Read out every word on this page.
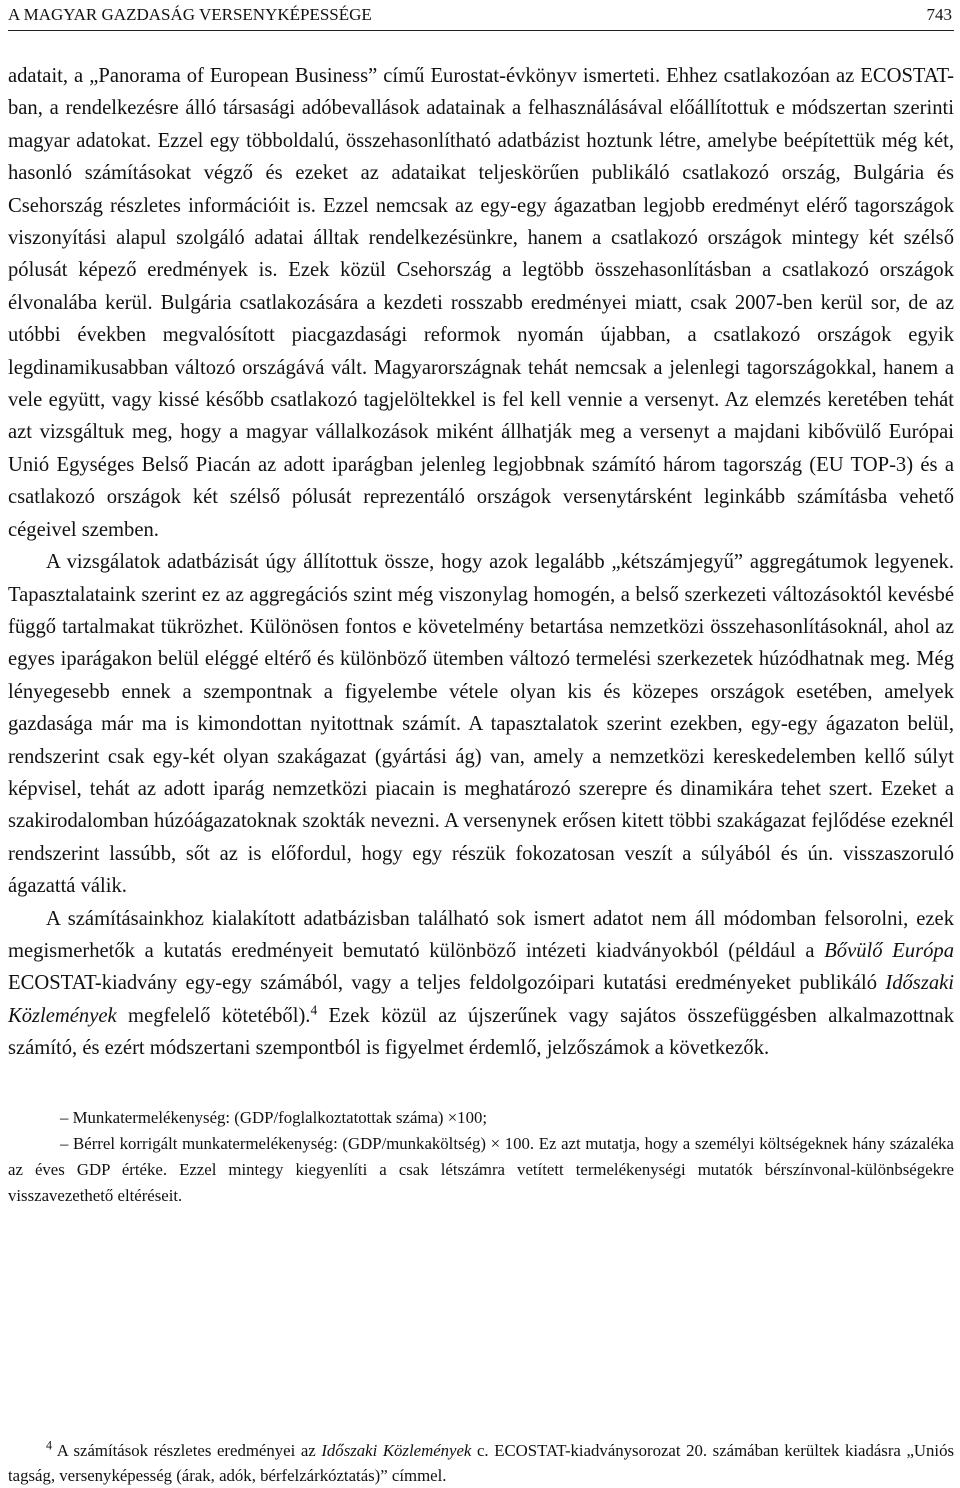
A MAGYAR GAZDASÁG VERSENYKÉPESSÉGE	743

adatait, a „Panorama of European Business” című Eurostat-évkönyv ismerteti. Ehhez csatlakozóan az ECOSTAT-ban, a rendelkezésre álló társasági adóbevallások adatainak a felhasználásával előállítottuk e módszertan szerinti magyar adatokat. Ezzel egy többoldalú, összehasonlítható adatbázist hoztunk létre, amelybe beépítettük még két, hasonló számításokat végző és ezeket az adataikat teljeskörűen publikáló csatlakozó ország, Bulgária és Csehország részletes információit is. Ezzel nemcsak az egy-egy ágazatban legjobb eredményt elérő tagországok viszonyítási alapul szolgáló adatai álltak rendelkezésünkre, hanem a csatlakozó országok mintegy két szélső pólusát képező eredmények is. Ezek közül Csehország a legtöbb összehasonlításban a csatlakozó országok élvonalába kerül. Bulgária csatlakozására a kezdeti rosszabb eredményei miatt, csak 2007-ben kerül sor, de az utóbbi években megvalósított piacgazdasági reformok nyomán újabban, a csatlakozó országok egyik legdinamikusabban változó országává vált. Magyarországnak tehát nemcsak a jelenlegi tagországokkal, hanem a vele együtt, vagy kissé később csatlakozó tagjelöltekkel is fel kell vennie a versenyt. Az elemzés keretében tehát azt vizsgáltuk meg, hogy a magyar vállalkozások miként állhatják meg a versenyt a majdani kibővülő Európai Unió Egységes Belső Piacán az adott iparágban jelenleg legjobbnak számító három tagország (EU TOP-3) és a csatlakozó országok két szélső pólusát reprezentáló országok versenytársként leginkább számításba vehető cégeivel szemben.

A vizsgálatok adatbázisát úgy állítottuk össze, hogy azok legalább „kétszámjegyű” aggregátumok legyenek. Tapasztalataink szerint ez az aggregációs szint még viszonylag homogén, a belső szerkezeti változásoktól kevésbé függő tartalmakat tükrözhet. Különösen fontos e követelmény betartása nemzetközi összehasonlításoknál, ahol az egyes iparágakon belül eléggé eltérő és különböző ütemben változó termelési szerkezetek húzódhatnak meg. Még lényegesebb ennek a szempontnak a figyelembe vétele olyan kis és közepes országok esetében, amelyek gazdasága már ma is kimondottan nyitottnak számít. A tapasztalatok szerint ezekben, egy-egy ágazaton belül, rendszerint csak egy-két olyan szakágazat (gyártási ág) van, amely a nemzetközi kereskedelemben kellő súlyt képvisel, tehát az adott iparág nemzetközi piacain is meghatározó szerepre és dinamikára tehet szert. Ezeket a szakirodalomban húzóágazatoknak szokták nevezni. A versenynek erősen kitett többi szakágazat fejlődése ezeknél rendszerint lassúbb, sőt az is előfordul, hogy egy részük fokozatosan veszít a súlyából és ún. visszaszoruló ágazattá válik.

A számításainkhoz kialakított adatbázisban található sok ismert adatot nem áll módomban felsorolni, ezek megismerhetők a kutatás eredményeit bemutató különböző intézeti kiadványokból (például a Bővülő Európa ECOSTAT-kiadvány egy-egy számából, vagy a teljes feldolgozóipari kutatási eredményeket publikáló Időszaki Közlemények megfelelő kötetéből).$^4$ Ezek közül az újszerűnek vagy sajátos összefüggésben alkalmazottnak számító, és ezért módszertani szempontból is figyelmet érdemlő, jelzőszámok a következők.

– Munkatermelékenység: (GDP/foglalkoztatottak száma) ×100;

– Bérrel korrigált munkatermelékenység: (GDP/munkaköltség) × 100. Ez azt mutatja, hogy a személyi költségeknek hány százaléka az éves GDP értéke. Ezzel mintegy kiegyenlíti a csak létszámra vetített termelékenységi mutatók bérszínvonal-különbségekre visszavezethető eltéréseit.

$^4$ A számítások részletes eredményei az Időszaki Közlemények c. ECOSTAT-kiadványsorozat 20. számában kerültek kiadásra „Uniós tagság, versenyképesség (árak, adók, bérfelzárkóztatás)” címmel.
